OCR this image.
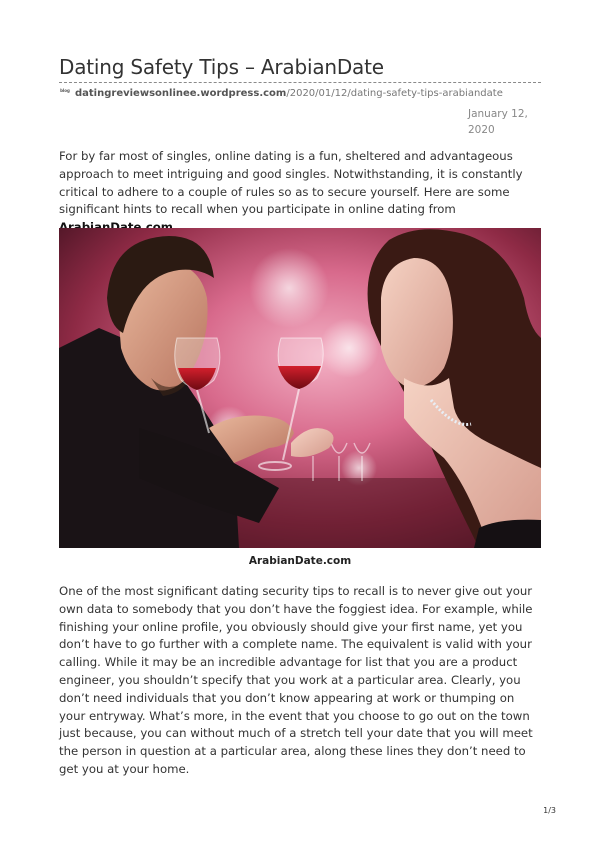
Dating Safety Tips – ArabianDate
blog datingreviewsonlinee.wordpress.com /2020/01/12/dating-safety-tips-arabiandate
January 12,
2020

For by far most of singles, online dating is a fun, sheltered and advantageous approach to meet intriguing and good singles. Notwithstanding, it is constantly critical to adhere to a couple of rules so as to secure yourself. Here are some significant hints to recall when you participate in online dating from

ArabianDate.com

One of the most significant dating security tips to recall is to never give out your own data to somebody that you don’t have the foggiest idea. For example, while finishing your online profile, you obviously should give your first name, yet you don’t have to go further with a complete name. The equivalent is valid with your calling. While it may be an incredible advantage for list that you are a product engineer, you shouldn’t specify that you work at a particular area. Clearly, you don’t need individuals that you don’t know appearing at work or thumping on your entryway. What’s more, in the event that you choose to go out on the town just because, you can without much of a stretch tell your date that you will meet the person in question at a particular area, along these lines they don’t need to get you at your home.

1/3
